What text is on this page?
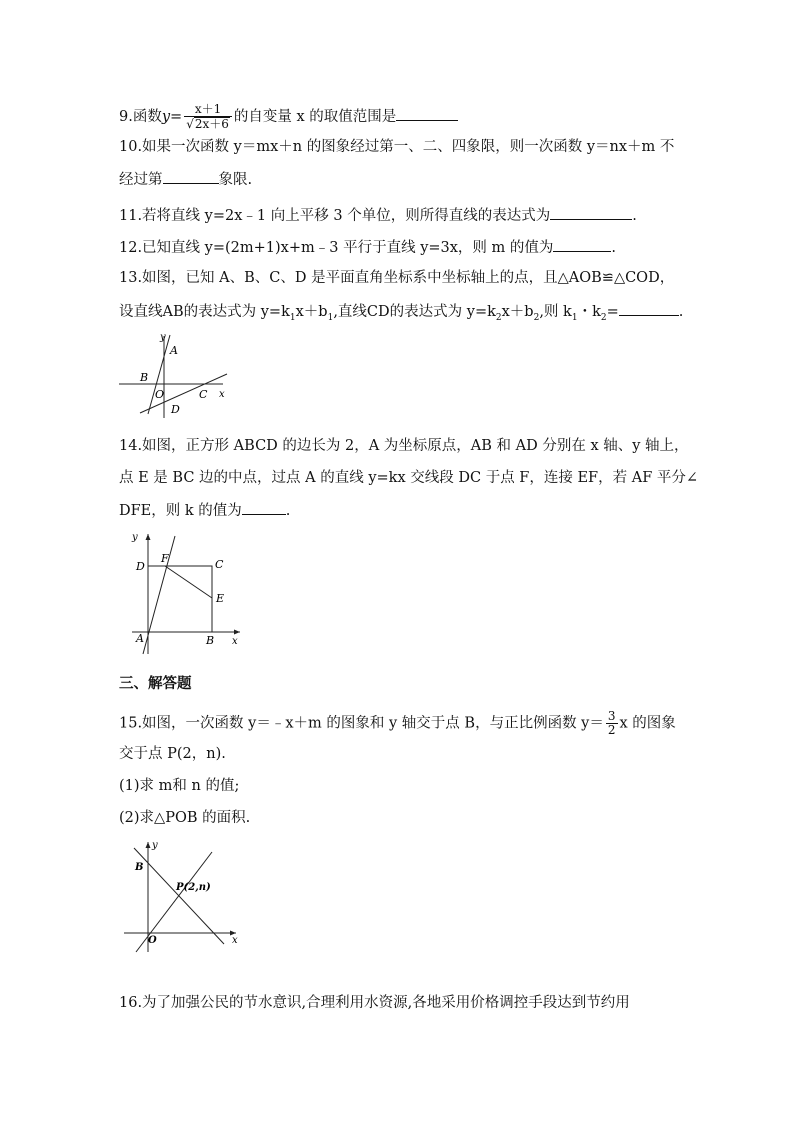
9.函数$y= \frac{x+1}{√2x+6}$ 的自变量 x 的取值范围是
10.如果一次函数 y＝mx＋n 的图象经过第一、二、四象限，则一次函数 y＝nx＋m 不
经过第	象限.
11.若将直线 y=2x﹣1 向上平移 3 个单位，则所得直线的表达式为	.
12.已知直线 y=(2m+1)x+m﹣3 平行于直线 y=3x，则 m 的值为	.
13.如图，已知 A、B、C、D 是平面直角坐标系中坐标轴上的点，且△AOB≌△COD，
设直线AB的表达式为 $y=k_1x+b_1$,直线CD的表达式为 $y=k_2x+b_2$,则 $k_1$・$k_2=$	.
y
x
A
B
O	C
D
14.如图，正方形 ABCD 的边长为 2，A 为坐标原点，AB 和 AD 分别在 x 轴、y 轴上，
点 E 是 BC 边的中点，过点 A 的直线 y=kx 交线段 DC 于点 F，连接 EF，若 AF 平分∠
DFE，则 k 的值为	.
y
x
D
F	C
E
A	B
三、解答题
15.如图，一次函数 y＝﹣x＋m 的图象和 y 轴交于点 B，与正比例函数 $y= \frac{3}{2}$ x 的图象
交于点 P(2，n).
(1)求 m和 n 的值;
(2)求△POB 的面积.
y
x
B
P(2,n)
O
16.为了加强公民的节水意识,合理利用水资源,各地采用价格调控手段达到节约用
